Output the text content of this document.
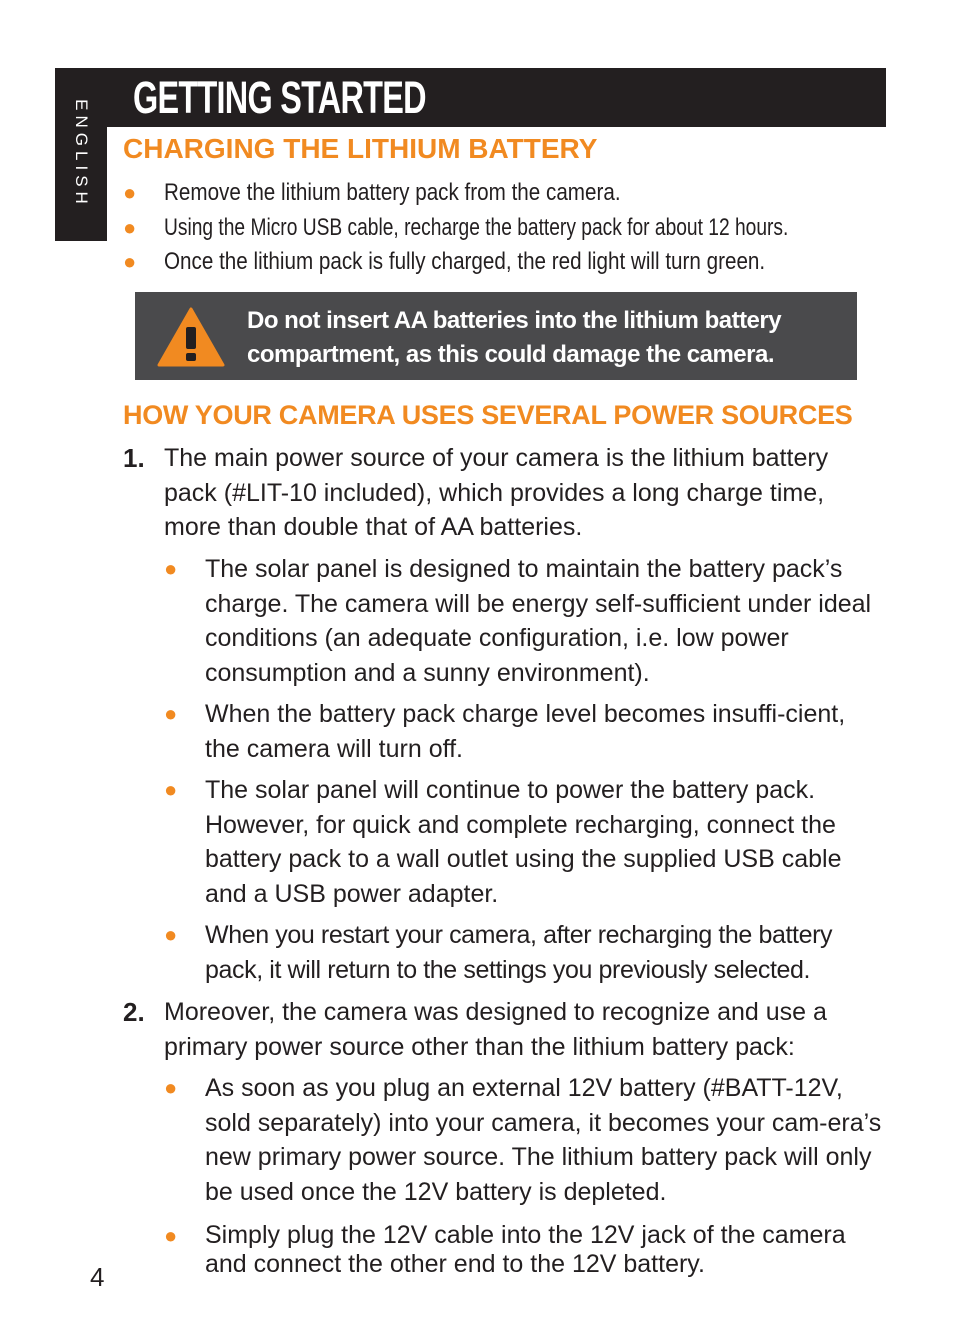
ENGLISH
GETTING STARTED
CHARGING THE LITHIUM BATTERY
● Remove the lithium battery pack from the camera.
● Using the Micro USB cable, recharge the battery pack for about 12 hours.
● Once the lithium pack is fully charged, the red light will turn green.
Do not insert AA batteries into the lithium battery
compartment, as this could damage the camera.
HOW YOUR CAMERA USES SEVERAL POWER SOURCES
1. The main power source of your camera is the lithium battery pack (#LIT-10 included), which provides a long charge time, more than double that of AA batteries.
● The solar panel is designed to maintain the battery pack’s charge. The camera will be energy self-sufficient under ideal conditions (an adequate configuration, i.e. low power consumption and a sunny environment).
● When the battery pack charge level becomes insuffi-cient, the camera will turn off.
● The solar panel will continue to power the battery pack. However, for quick and complete recharging, connect the battery pack to a wall outlet using the supplied USB cable and a USB power adapter.
● When you restart your camera, after recharging the battery pack, it will return to the settings you previously selected.
2. Moreover, the camera was designed to recognize and use a primary power source other than the lithium battery pack:
● As soon as you plug an external 12V battery (#BATT-12V, sold separately) into your camera, it becomes your cam-era’s new primary power source. The lithium battery pack will only be used once the 12V battery is depleted.
● Simply plug the 12V cable into the 12V jack of the camera and connect the other end to the 12V battery.
4
